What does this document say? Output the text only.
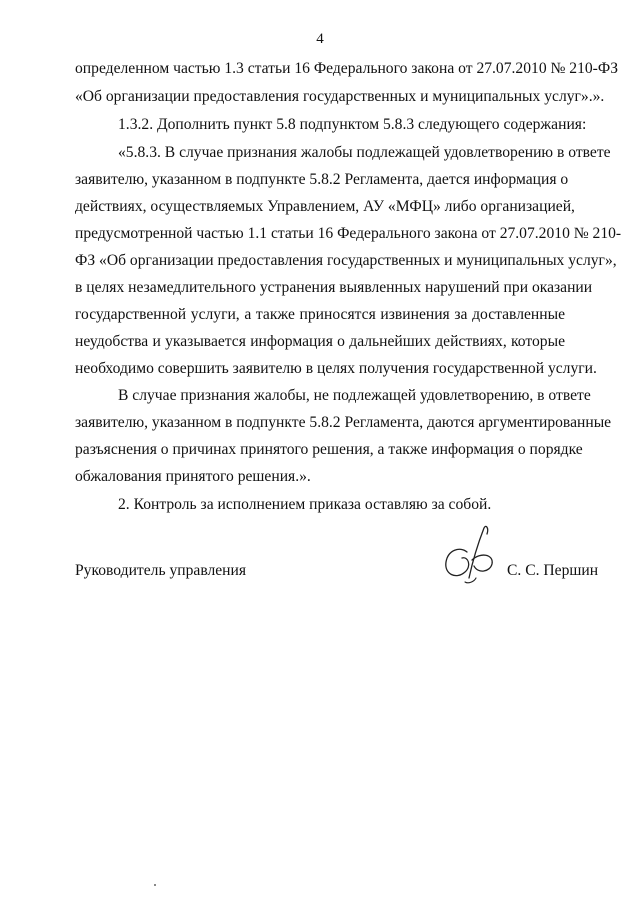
4
определенном частью 1.3 статьи 16 Федерального закона от 27.07.2010 № 210-ФЗ
«Об организации предоставления государственных и муниципальных услуг».».
1.3.2. Дополнить пункт 5.8 подпунктом 5.8.3 следующего содержания:
«5.8.3. В случае признания жалобы подлежащей удовлетворению в ответе
заявителю, указанном в подпункте 5.8.2 Регламента, дается информация о
действиях, осуществляемых Управлением, АУ «МФЦ» либо организацией,
предусмотренной частью 1.1 статьи 16 Федерального закона от 27.07.2010 № 210-
ФЗ «Об организации предоставления государственных и муниципальных услуг»,
в целях незамедлительного устранения выявленных нарушений при оказании
государственной услуги, а также приносятся извинения за доставленные
неудобства и указывается информация о дальнейших действиях, которые
необходимо совершить заявителю в целях получения государственной услуги.
В случае признания жалобы, не подлежащей удовлетворению, в ответе
заявителю, указанном в подпункте 5.8.2 Регламента, даются аргументированные
разъяснения о причинах принятого решения, а также информация о порядке
обжалования принятого решения.».
2. Контроль за исполнением приказа оставляю за собой.
Руководитель управления	С. С. Першин
